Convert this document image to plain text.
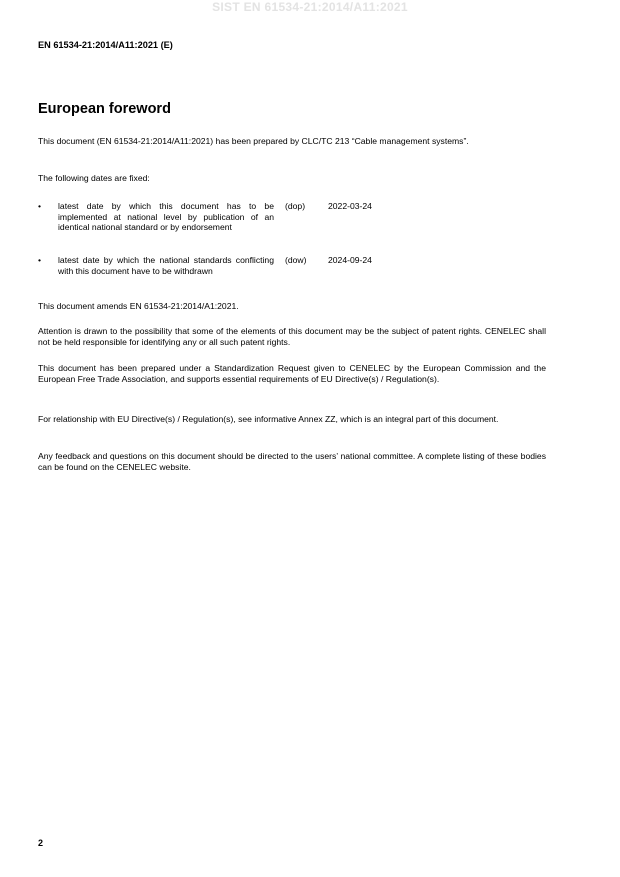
SIST EN 61534-21:2014/A11:2021
EN 61534-21:2014/A11:2021 (E)
European foreword
This document (EN 61534-21:2014/A11:2021) has been prepared by CLC/TC 213 “Cable management systems”.
The following dates are fixed:
• latest date by which this document has to be implemented at national level by publication of an identical national standard or by endorsement
(dop)	2022-03-24
• latest date by which the national standards conflicting with this document have to be withdrawn
(dow)	2024-09-24
This document amends EN 61534-21:2014/A1:2021.
Attention is drawn to the possibility that some of the elements of this document may be the subject of patent rights. CENELEC shall not be held responsible for identifying any or all such patent rights.
This document has been prepared under a Standardization Request given to CENELEC by the European Commission and the European Free Trade Association, and supports essential requirements of EU Directive(s) / Regulation(s).
For relationship with EU Directive(s) / Regulation(s), see informative Annex ZZ, which is an integral part of this document.
Any feedback and questions on this document should be directed to the users’ national committee. A complete listing of these bodies can be found on the CENELEC website.
2
